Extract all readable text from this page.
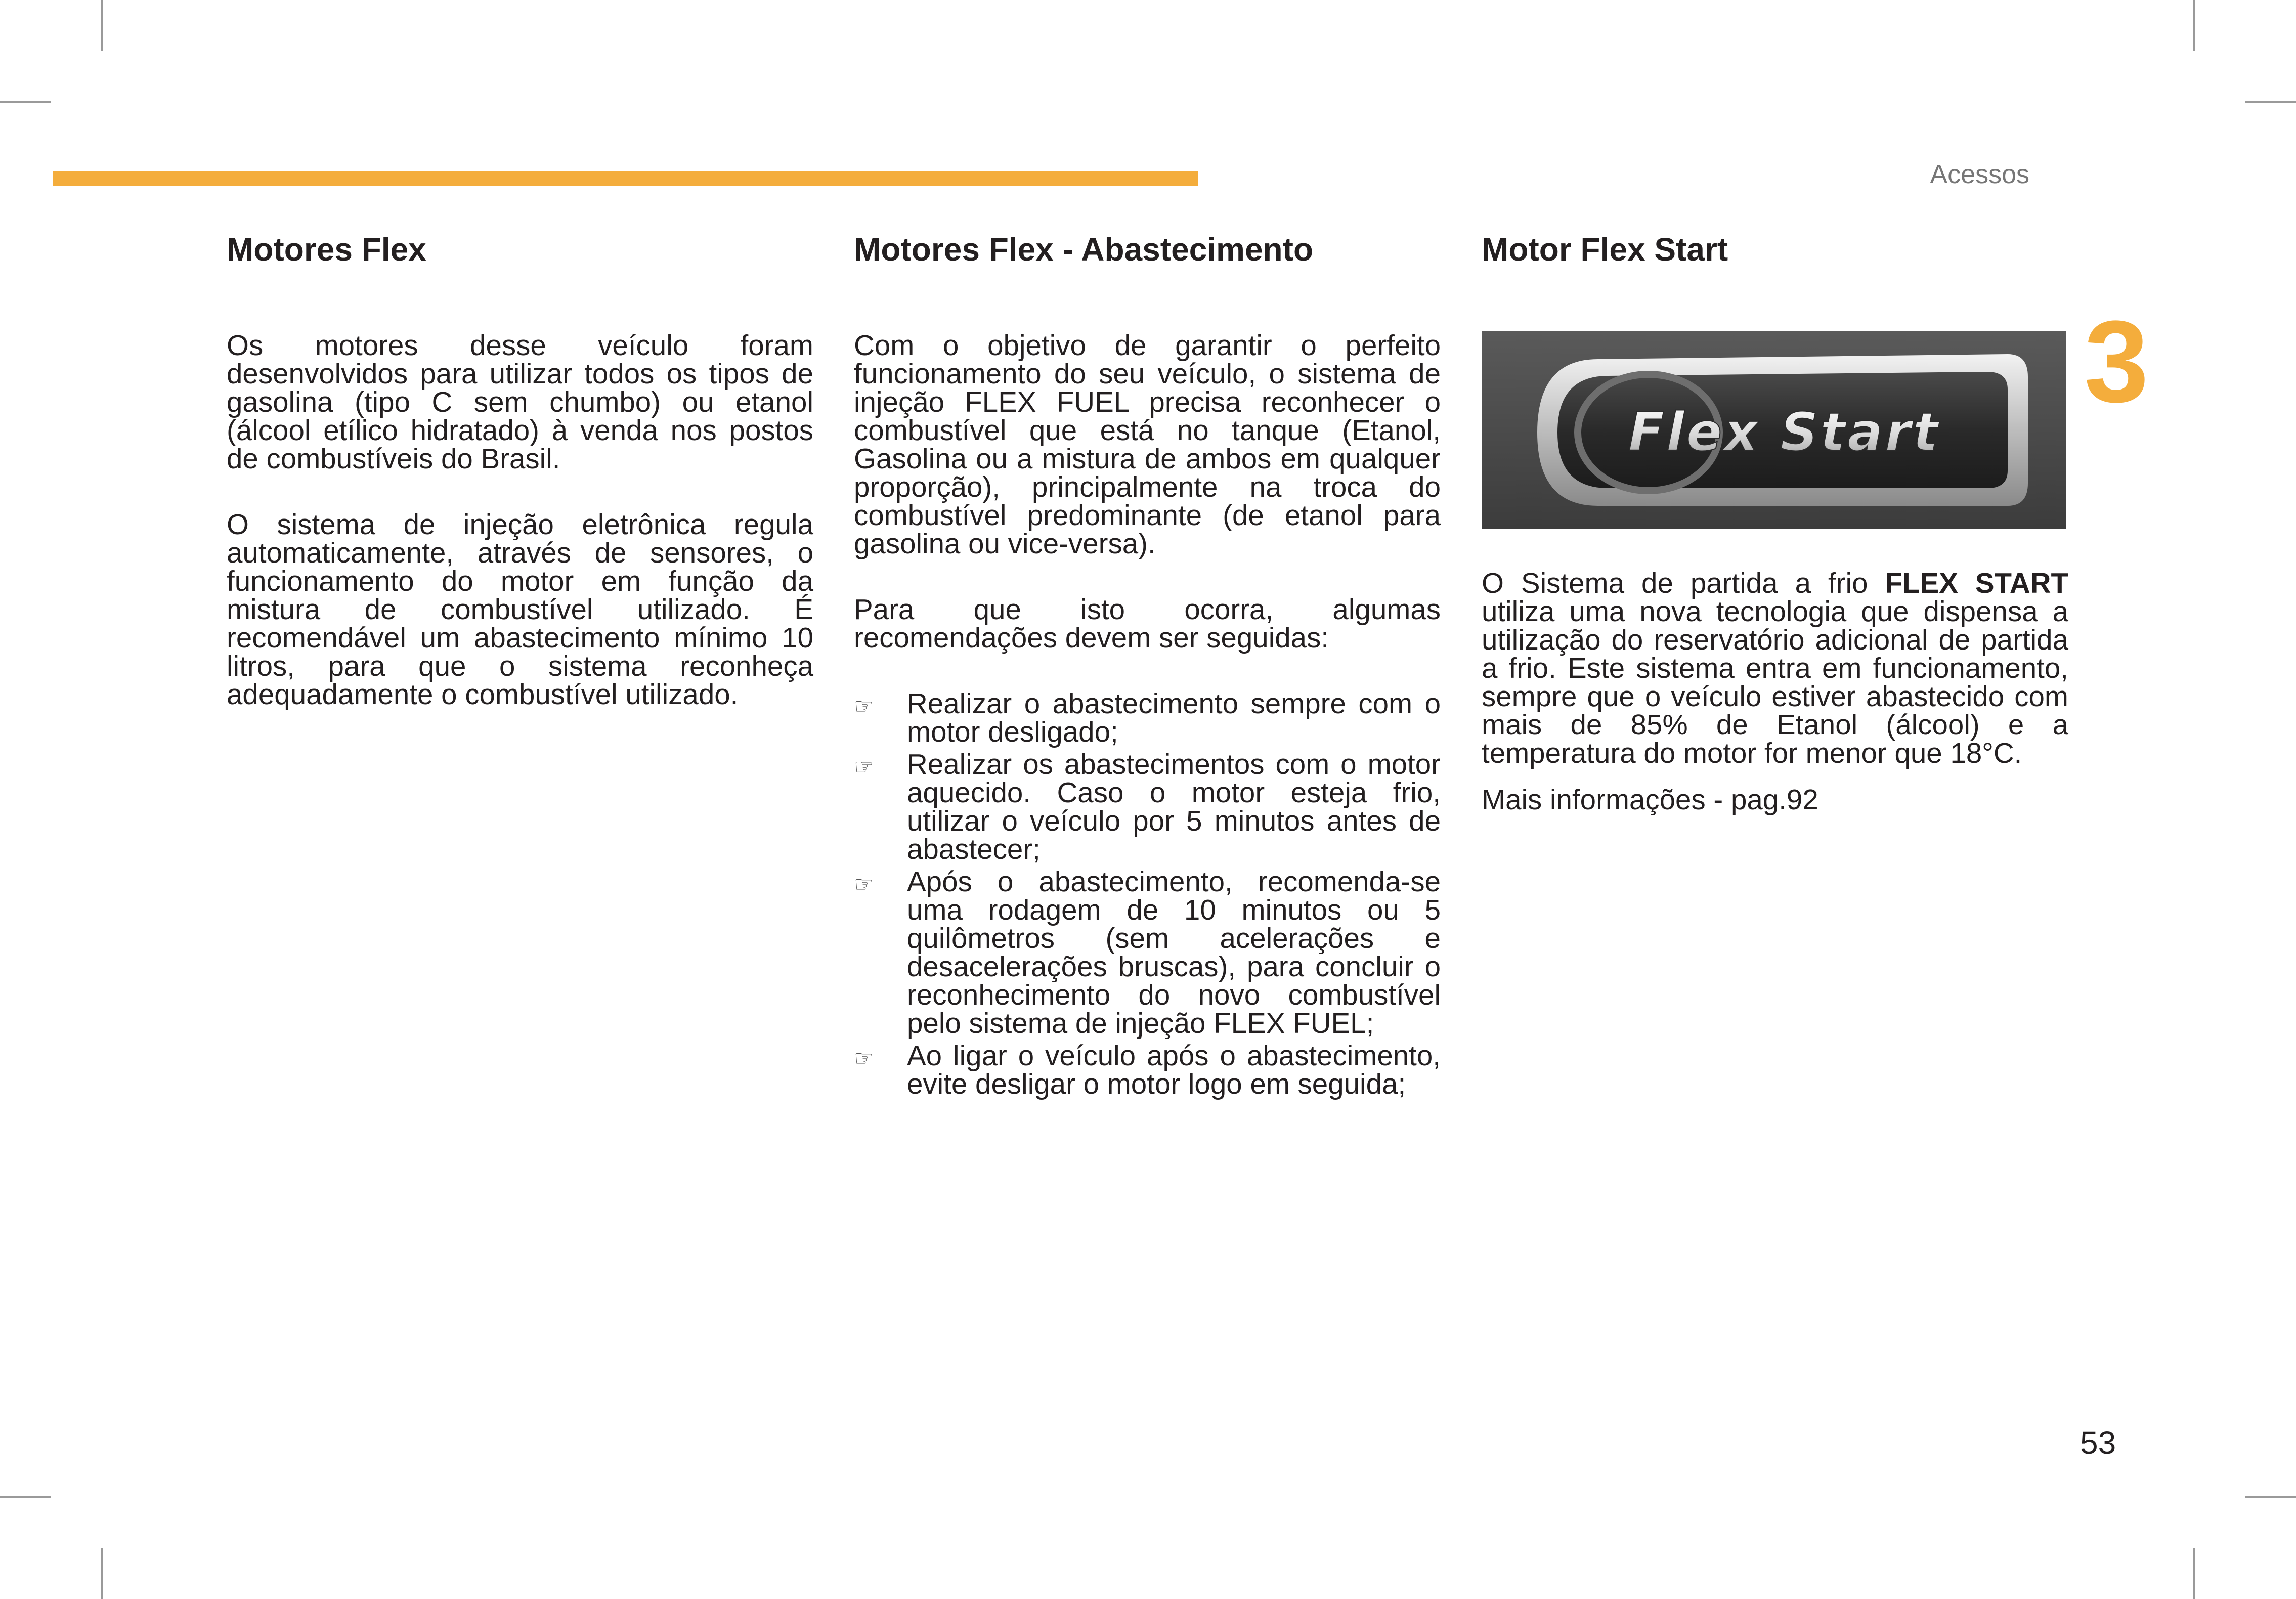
Acessos
3
Motores Flex

Os motores desse veículo foram desenvolvidos para utilizar todos os tipos de gasolina (tipo C sem chumbo) ou etanol (álcool etílico hidratado) à venda nos postos de combustíveis do Brasil.

O sistema de injeção eletrônica regula automaticamente, através de sensores, o funcionamento do motor em função da mistura de combustível utilizado. É recomendável um abastecimento mínimo 10 litros, para que o sistema reconheça adequadamente o combustível utilizado.

Motores Flex - Abastecimento

Com o objetivo de garantir o perfeito funcionamento do seu veículo, o sistema de injeção FLEX FUEL precisa reconhecer o combustível que está no tanque (Etanol, Gasolina ou a mistura de ambos em qualquer proporção), principalmente na troca do combustível predominante (de etanol para gasolina ou vice-versa).

Para que isto ocorra, algumas recomendações devem ser seguidas:

☞ Realizar o abastecimento sempre com o motor desligado;
☞ Realizar os abastecimentos com o motor aquecido. Caso o motor esteja frio, utilizar o veículo por 5 minutos antes de abastecer;
☞ Após o abastecimento, recomenda-se uma rodagem de 10 minutos ou 5 quilômetros (sem acelerações e desacelerações bruscas), para concluir o reconhecimento do novo combustível pelo sistema de injeção FLEX FUEL;
☞ Ao ligar o veículo após o abastecimento, evite desligar o motor logo em seguida;
Motor Flex Start
Flex Start

O Sistema de partida a frio FLEX START utiliza uma nova tecnologia que dispensa a utilização do reservatório adicional de partida a frio. Este sistema entra em funcionamento, sempre que o veículo estiver abastecido com mais de 85% de Etanol (álcool) e a temperatura do motor for menor que 18°C.

Mais informações - pag.92

53
